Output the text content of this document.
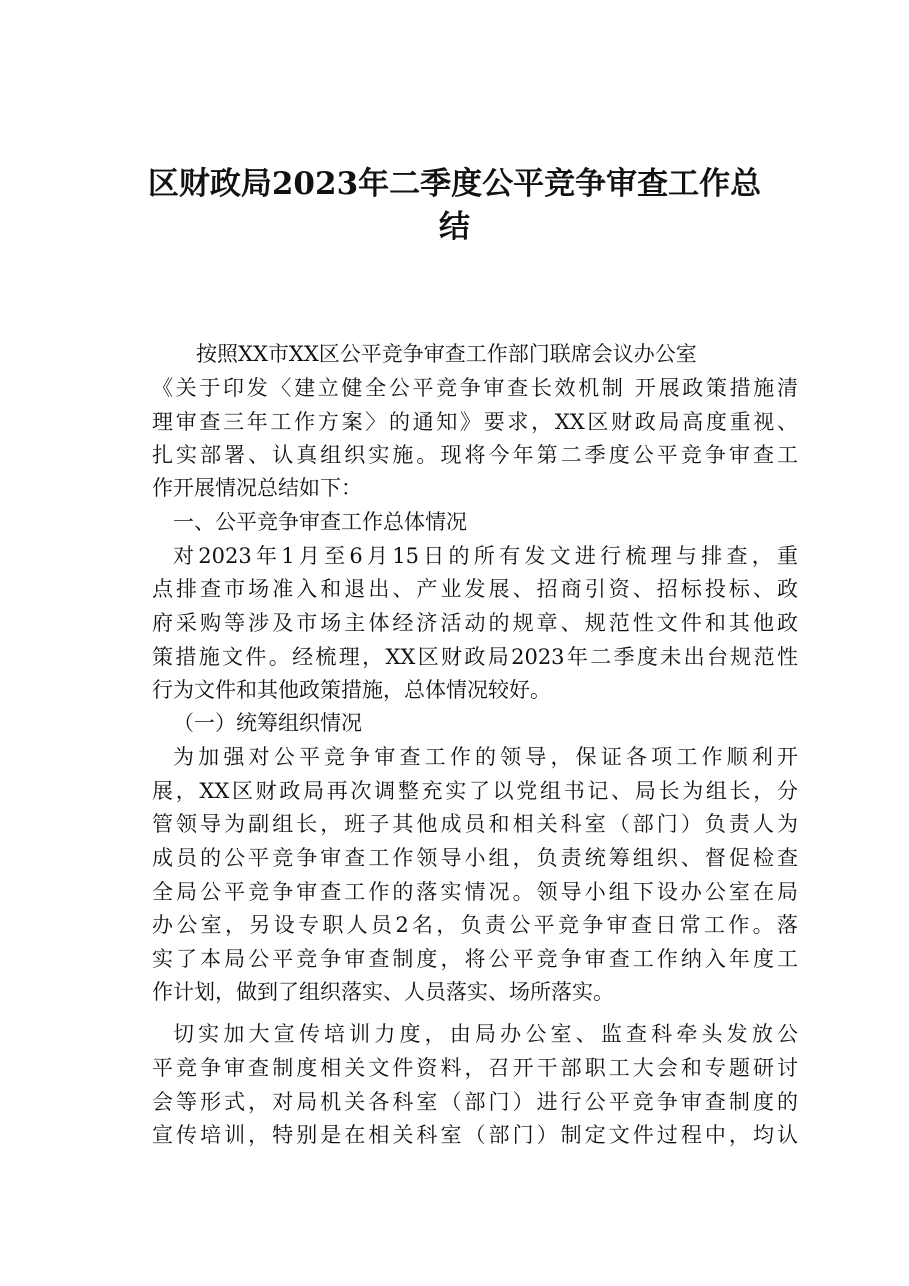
区财政局2023年二季度公平竞争审查工作总
结
按照XX市XX区公平竞争审查工作部门联席会议办公室
《关于印发〈建立健全公平竞争审查长效机制 开展政策措施清
理审查三年工作方案〉的通知》要求，XX区财政局高度重视、
扎实部署、认真组织实施。现将今年第二季度公平竞争审查工
作开展情况总结如下：
一、公平竞争审查工作总体情况
对2023年1月至6月15日的所有发文进行梳理与排查，重
点排查市场准入和退出、产业发展、招商引资、招标投标、政
府采购等涉及市场主体经济活动的规章、规范性文件和其他政
策措施文件。经梳理，XX区财政局2023年二季度未出台规范性
行为文件和其他政策措施，总体情况较好。
（一）统筹组织情况
为加强对公平竞争审查工作的领导，保证各项工作顺利开
展，XX区财政局再次调整充实了以党组书记、局长为组长，分
管领导为副组长，班子其他成员和相关科室（部门）负责人为
成员的公平竞争审查工作领导小组，负责统筹组织、督促检查
全局公平竞争审查工作的落实情况。领导小组下设办公室在局
办公室，另设专职人员2名，负责公平竞争审查日常工作。落
实了本局公平竞争审查制度，将公平竞争审查工作纳入年度工
作计划，做到了组织落实、人员落实、场所落实。
切实加大宣传培训力度，由局办公室、监查科牵头发放公
平竞争审查制度相关文件资料，召开干部职工大会和专题研讨
会等形式，对局机关各科室（部门）进行公平竞争审查制度的
宣传培训，特别是在相关科室（部门）制定文件过程中，均认
